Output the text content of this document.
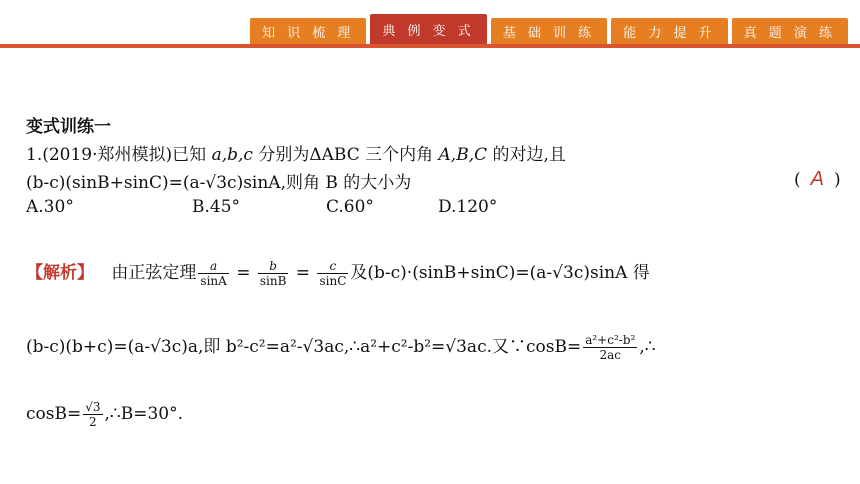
知 识 梳 理	典 例 变 式	基 础 训 练	能 力 提 升	真 题 演 练
变式训练一
1.(2019·郑州模拟)已知 a,b,c 分别为ΔABC 三个内角 A,B,C 的对边,且
(b-c)(sinB+sinC)=(a-√3c)sinA,则角 B 的大小为	( A )
A.30°	B.45°	C.60°	D.120°
【解析】 由正弦定理 $\frac{a}{\sin A} = \frac{b}{\sin B} = \frac{c}{\sin C}$ 及(b-c)·(sinB+sinC)=(a-√3c)sinA 得
(b-c)(b+c)=(a-√3c)a,即 b²-c²=a²-√3ac,∴a²+c²-b²=√3ac.又∵cosB= $\frac{\text{a²+c²-b²}}{2ac}$ ,∴
$\cos B= \frac{√3}{2}$ ,∴B=30°.
